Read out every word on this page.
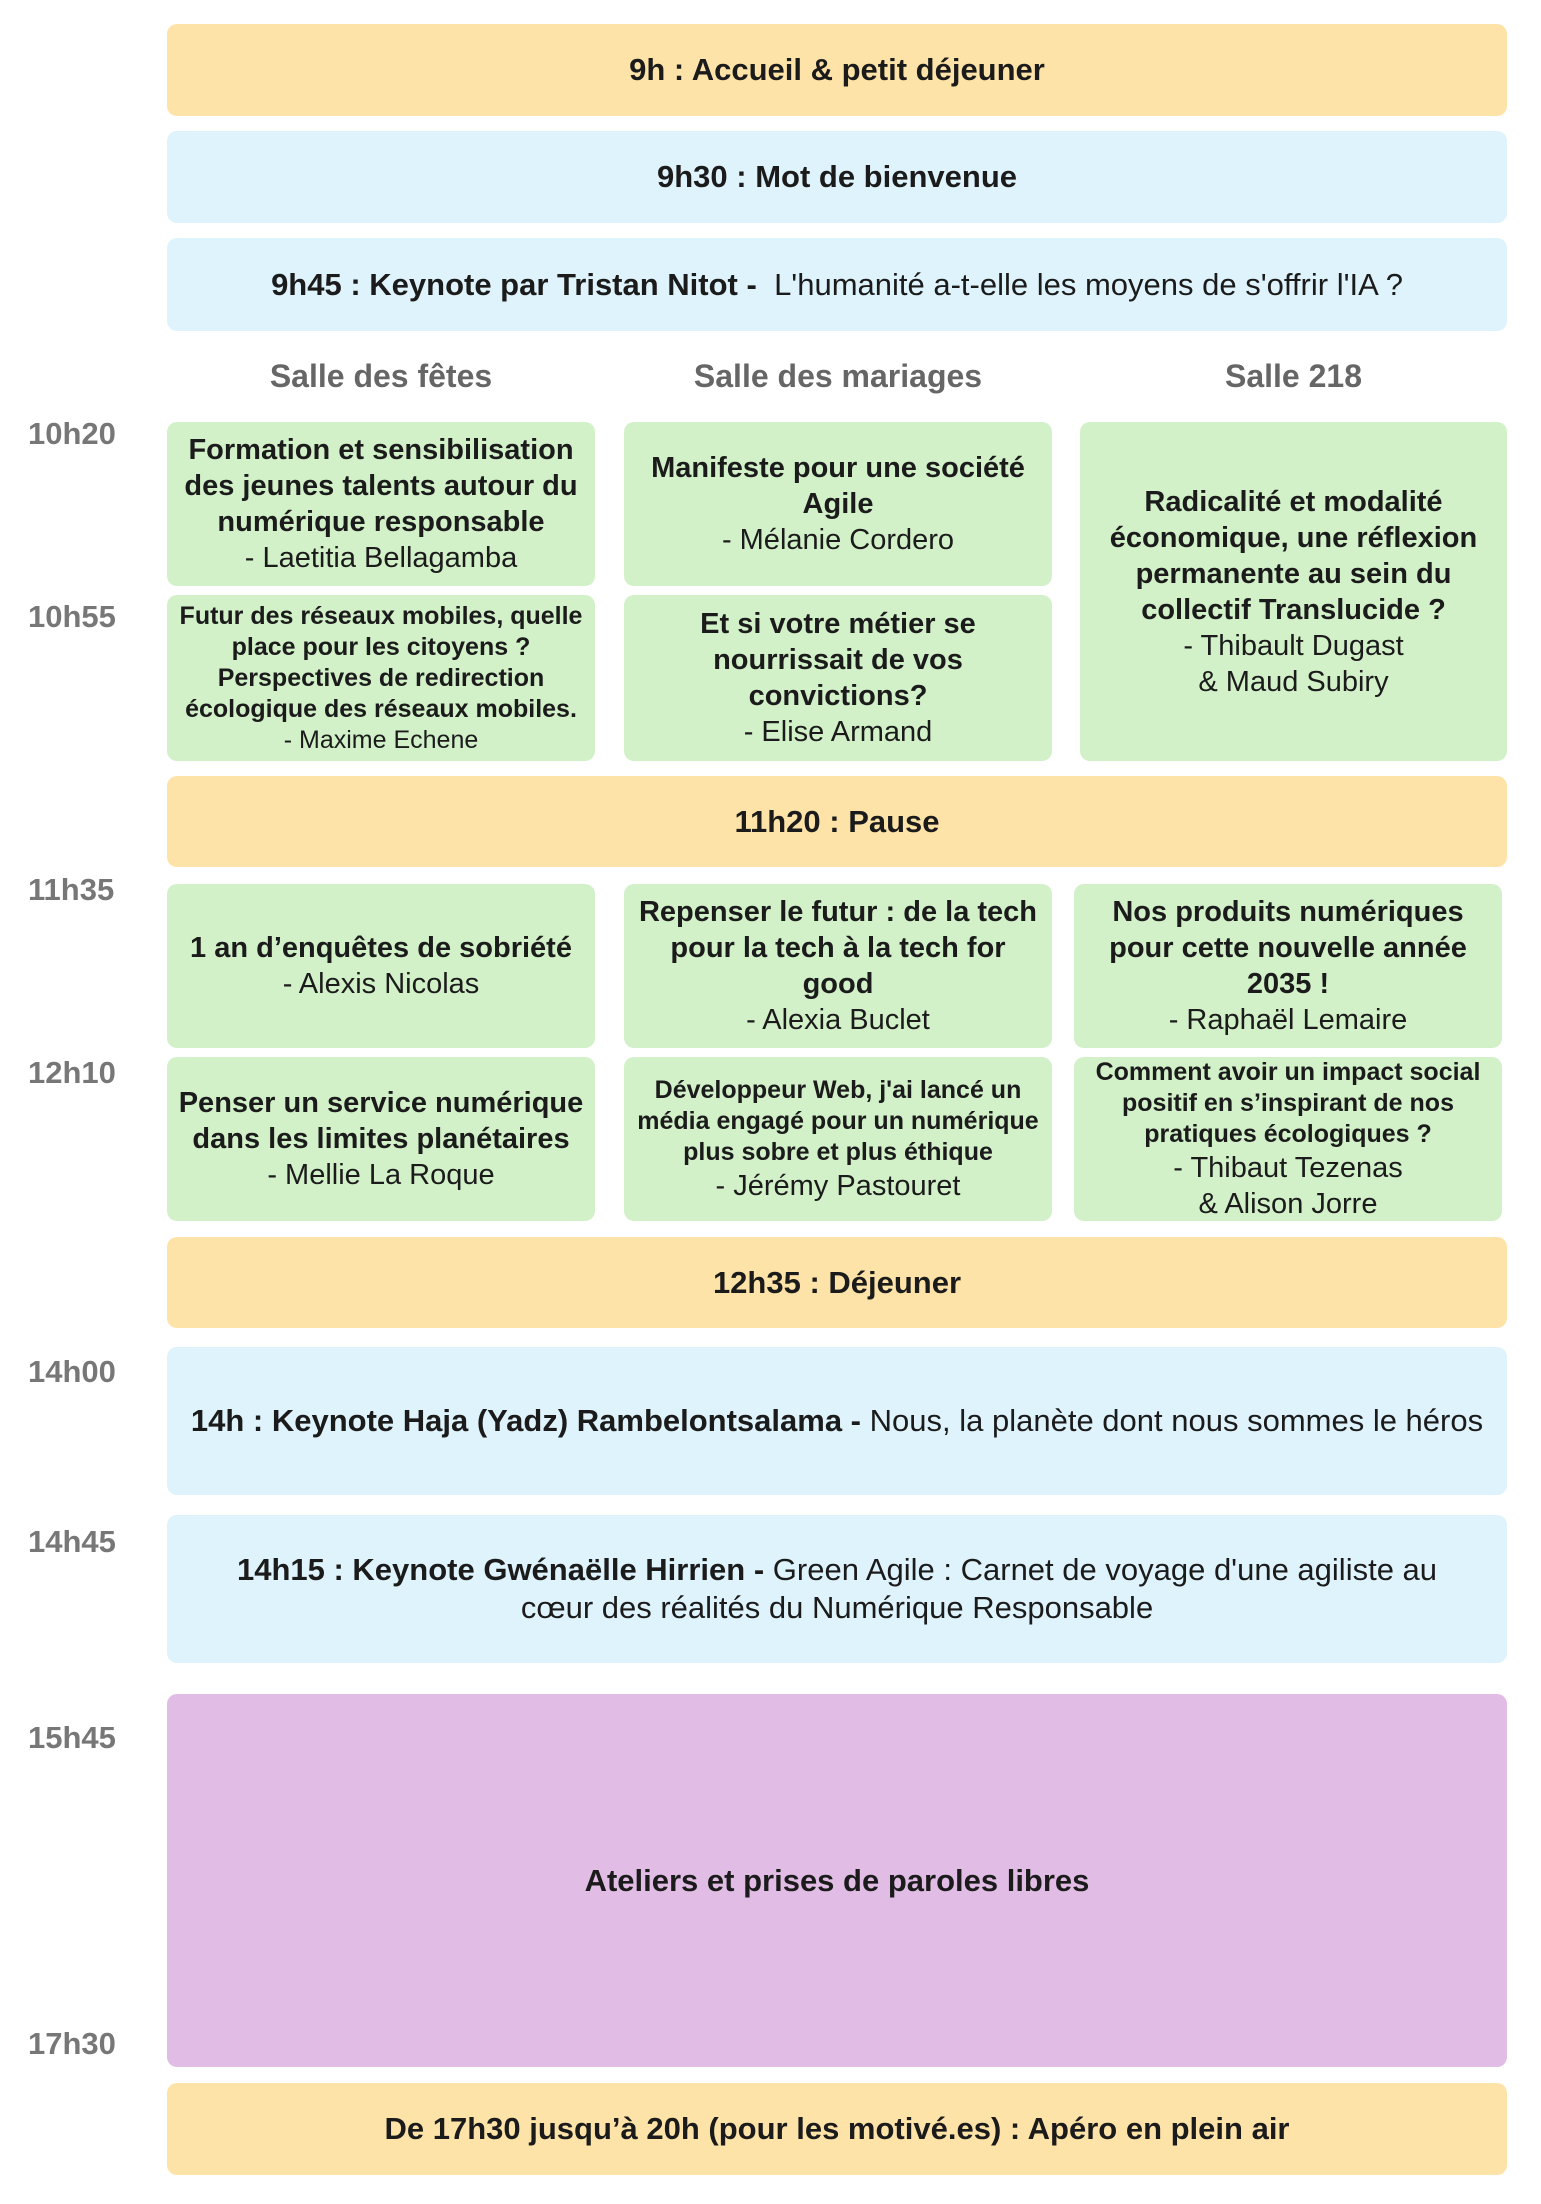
9h : Accueil & petit déjeuner
9h30 : Mot de bienvenue
9h45 : Keynote par Tristan Nitot - L'humanité a-t-elle les moyens de s'offrir l'IA ?
Salle des fêtes	Salle des mariages	Salle 218
10h20
10h55
11h35
12h10
14h00
14h45
15h45
17h30
Formation et sensibilisation des jeunes talents autour du numérique responsable
- Laetitia Bellagamba
Futur des réseaux mobiles, quelle place pour les citoyens ? Perspectives de redirection écologique des réseaux mobiles.
- Maxime Echene
Manifeste pour une société Agile
- Mélanie Cordero
Et si votre métier se nourrissait de vos convictions?
- Elise Armand
Radicalité et modalité économique, une réflexion permanente au sein du collectif Translucide ?
- Thibault Dugast
& Maud Subiry
11h20 : Pause
1 an d’enquêtes de sobriété
- Alexis Nicolas
Penser un service numérique dans les limites planétaires
- Mellie La Roque
Repenser le futur : de la tech pour la tech à la tech for good
- Alexia Buclet
Développeur Web, j'ai lancé un média engagé pour un numérique plus sobre et plus éthique
- Jérémy Pastouret
Nos produits numériques pour cette nouvelle année 2035 !
- Raphaël Lemaire
Comment avoir un impact social positif en s’inspirant de nos pratiques écologiques ?
- Thibaut Tezenas
& Alison Jorre
12h35 : Déjeuner
14h : Keynote Haja (Yadz) Rambelontsalama - Nous, la planète dont nous sommes le héros
14h15 : Keynote Gwénaëlle Hirrien - Green Agile : Carnet de voyage d'une agiliste au cœur des réalités du Numérique Responsable
Ateliers et prises de paroles libres
De 17h30 jusqu’à 20h (pour les motivé.es) : Apéro en plein air
